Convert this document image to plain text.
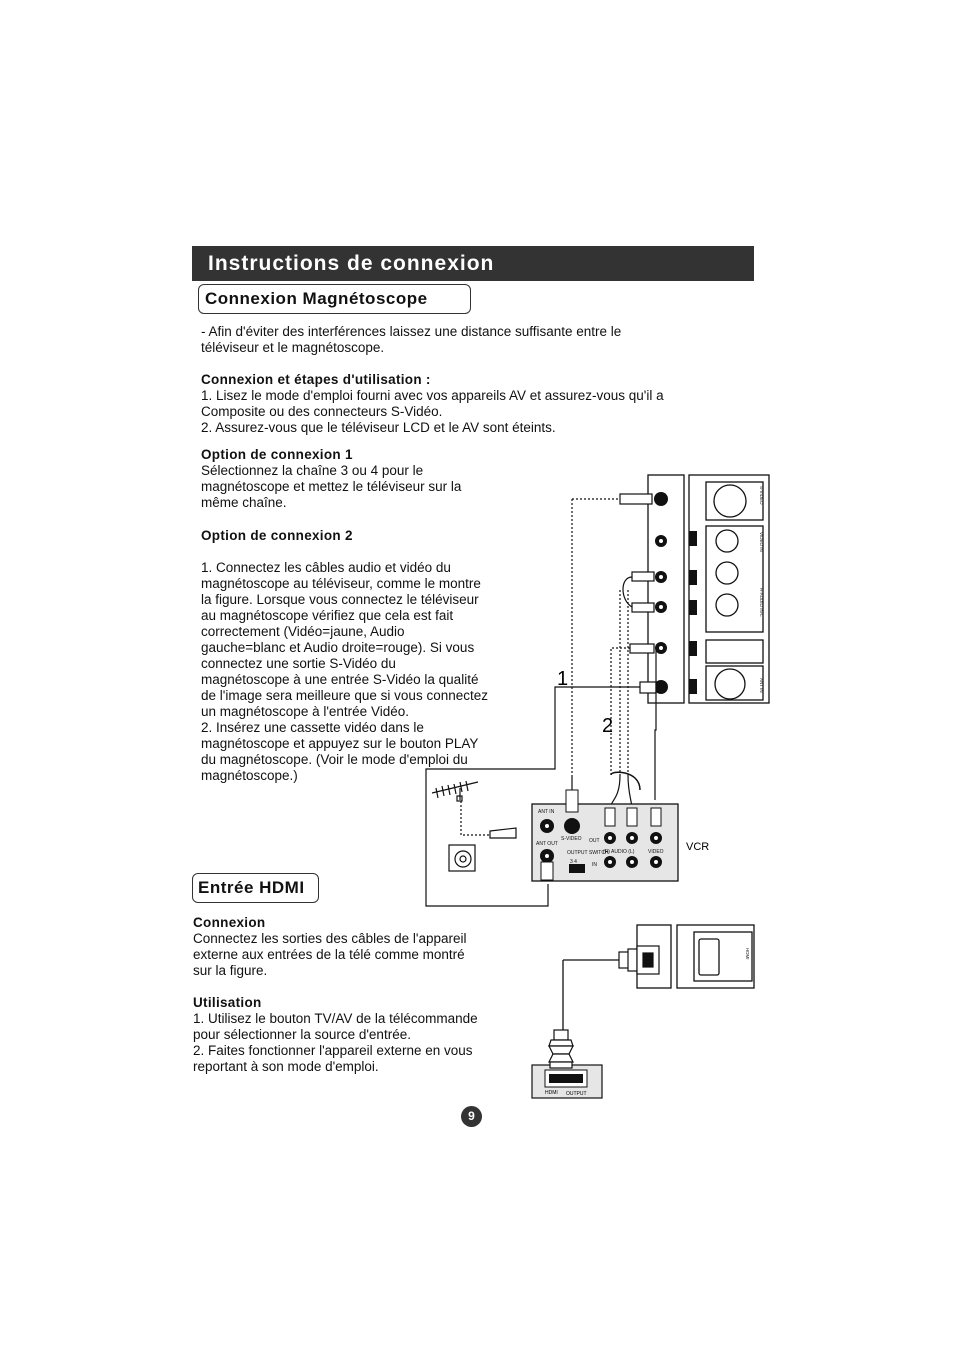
Instructions de connexion
Connexion Magnétoscope
- Afin d'éviter des interférences laissez une distance suffisante entre le
téléviseur et le magnétoscope.
Connexion et étapes d'utilisation :
1. Lisez le mode d'emploi fourni avec vos appareils AV et assurez-vous qu'il a
Composite ou des connecteurs S-Vidéo.
2. Assurez-vous que le téléviseur LCD et le AV sont éteints.
Option de connexion 1
Sélectionnez la chaîne 3 ou 4 pour le
magnétoscope et mettez le téléviseur sur la
même chaîne.
Option de connexion 2
1. Connectez les câbles audio et vidéo du
magnétoscope au téléviseur, comme le montre
la figure. Lorsque vous connectez le téléviseur
au magnétoscope vérifiez que cela est fait
correctement (Vidéo=jaune, Audio
gauche=blanc et Audio droite=rouge). Si vous
connectez une sortie S-Vidéo du
magnétoscope à une entrée S-Vidéo la qualité
de l'image sera meilleure que si vous connectez
un magnétoscope à l'entrée Vidéo.
2. Insérez une cassette vidéo dans le
magnétoscope et appuyez sur le bouton PLAY
du magnétoscope. (Voir le mode d'emploi du
magnétoscope.)
Entrée HDMI
Connexion
Connectez les sorties des câbles de l'appareil
externe aux entrées de la télé comme montré
sur la figure.
Utilisation
1. Utilisez le bouton TV/AV de la télécommande
pour sélectionner la source d'entrée.
2. Faites fonctionner l'appareil externe en vous
reportant à son mode d'emploi.
1
2
ANT IN
S-VIDEO
ANT OUT	OUT
OUTPUT SWITCH
3 4	IN
(R) AUDIO (L)	VIDEO VCR
S-VIDEO
VIDEO IN
R-AUDIO IN-L
ANT IN
HDMI
HDMI OUTPUT
9
